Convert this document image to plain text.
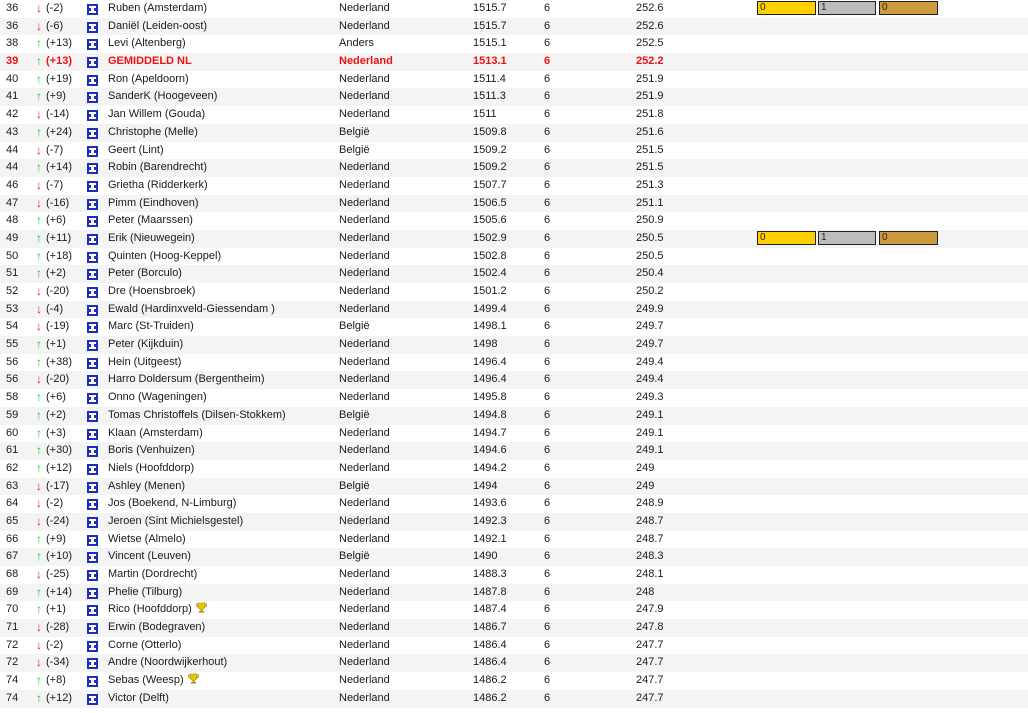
36 ↓ (-2)	Ruben (Amsterdam)	Nederland	1515.7	6	252.6	0	1	0
36 ↓ (-6)	Daniël (Leiden-oost)	Nederland	1515.7	6	252.6
38 ↑ (+13)	Levi (Altenberg)	Anders	1515.1	6	252.5
39 ↑ (+13)	GEMIDDELD NL	Nederland	1513.1	6	252.2
40 ↑ (+19)	Ron (Apeldoorn)	Nederland	1511.4	6	251.9
41 ↑ (+9)	SanderK (Hoogeveen)	Nederland	1511.3	6	251.9
42 ↓ (-14)	Jan Willem (Gouda)	Nederland	1511	6	251.8
43 ↑ (+24)	Christophe (Melle)	België	1509.8	6	251.6
44 ↓ (-7)	Geert (Lint)	België	1509.2	6	251.5
44 ↑ (+14)	Robin (Barendrecht)	Nederland	1509.2	6	251.5
46 ↓ (-7)	Grietha (Ridderkerk)	Nederland	1507.7	6	251.3
47 ↓ (-16)	Pimm (Eindhoven)	Nederland	1506.5	6	251.1
48 ↑ (+6)	Peter (Maarssen)	Nederland	1505.6	6	250.9
49 ↑ (+11)	Erik (Nieuwegein)	Nederland	1502.9	6	250.5	0	1	0
50 ↑ (+18)	Quinten (Hoog-Keppel)	Nederland	1502.8	6	250.5
51 ↑ (+2)	Peter (Borculo)	Nederland	1502.4	6	250.4
52 ↓ (-20)	Dre (Hoensbroek)	Nederland	1501.2	6	250.2
53 ↓ (-4)	Ewald (Hardinxveld-Giessendam )	Nederland	1499.4	6	249.9
54 ↓ (-19)	Marc (St-Truiden)	België	1498.1	6	249.7
55 ↑ (+1)	Peter (Kijkduin)	Nederland	1498	6	249.7
56 ↑ (+38)	Hein (Uitgeest)	Nederland	1496.4	6	249.4
56 ↓ (-20)	Harro Doldersum (Bergentheim)	Nederland	1496.4	6	249.4
58 ↑ (+6)	Onno (Wageningen)	Nederland	1495.8	6	249.3
59 ↑ (+2)	Tomas Christoffels (Dilsen-Stokkem)	België	1494.8	6	249.1
60 ↑ (+3)	Klaan (Amsterdam)	Nederland	1494.7	6	249.1
61 ↑ (+30)	Boris (Venhuizen)	Nederland	1494.6	6	249.1
62 ↑ (+12)	Niels (Hoofddorp)	Nederland	1494.2	6	249
63 ↓ (-17)	Ashley (Menen)	België	1494	6	249
64 ↓ (-2)	Jos (Boekend, N-Limburg)	Nederland	1493.6	6	248.9
65 ↓ (-24)	Jeroen (Sint Michielsgestel)	Nederland	1492.3	6	248.7
66 ↑ (+9)	Wietse (Almelo)	Nederland	1492.1	6	248.7
67 ↑ (+10)	Vincent (Leuven)	België	1490	6	248.3
68 ↓ (-25)	Martin (Dordrecht)	Nederland	1488.3	6	248.1
69 ↑ (+14)	Phelie (Tilburg)	Nederland	1487.8	6	248
70 ↑ (+1)	Rico (Hoofddorp)	Nederland	1487.4	6	247.9
71 ↓ (-28)	Erwin (Bodegraven)	Nederland	1486.7	6	247.8
72 ↓ (-2)	Corne (Otterlo)	Nederland	1486.4	6	247.7
72 ↓ (-34)	Andre (Noordwijkerhout)	Nederland	1486.4	6	247.7
74 ↑ (+8)	Sebas (Weesp)	Nederland	1486.2	6	247.7
74 ↑ (+12)	Victor (Delft)	Nederland	1486.2	6	247.7
